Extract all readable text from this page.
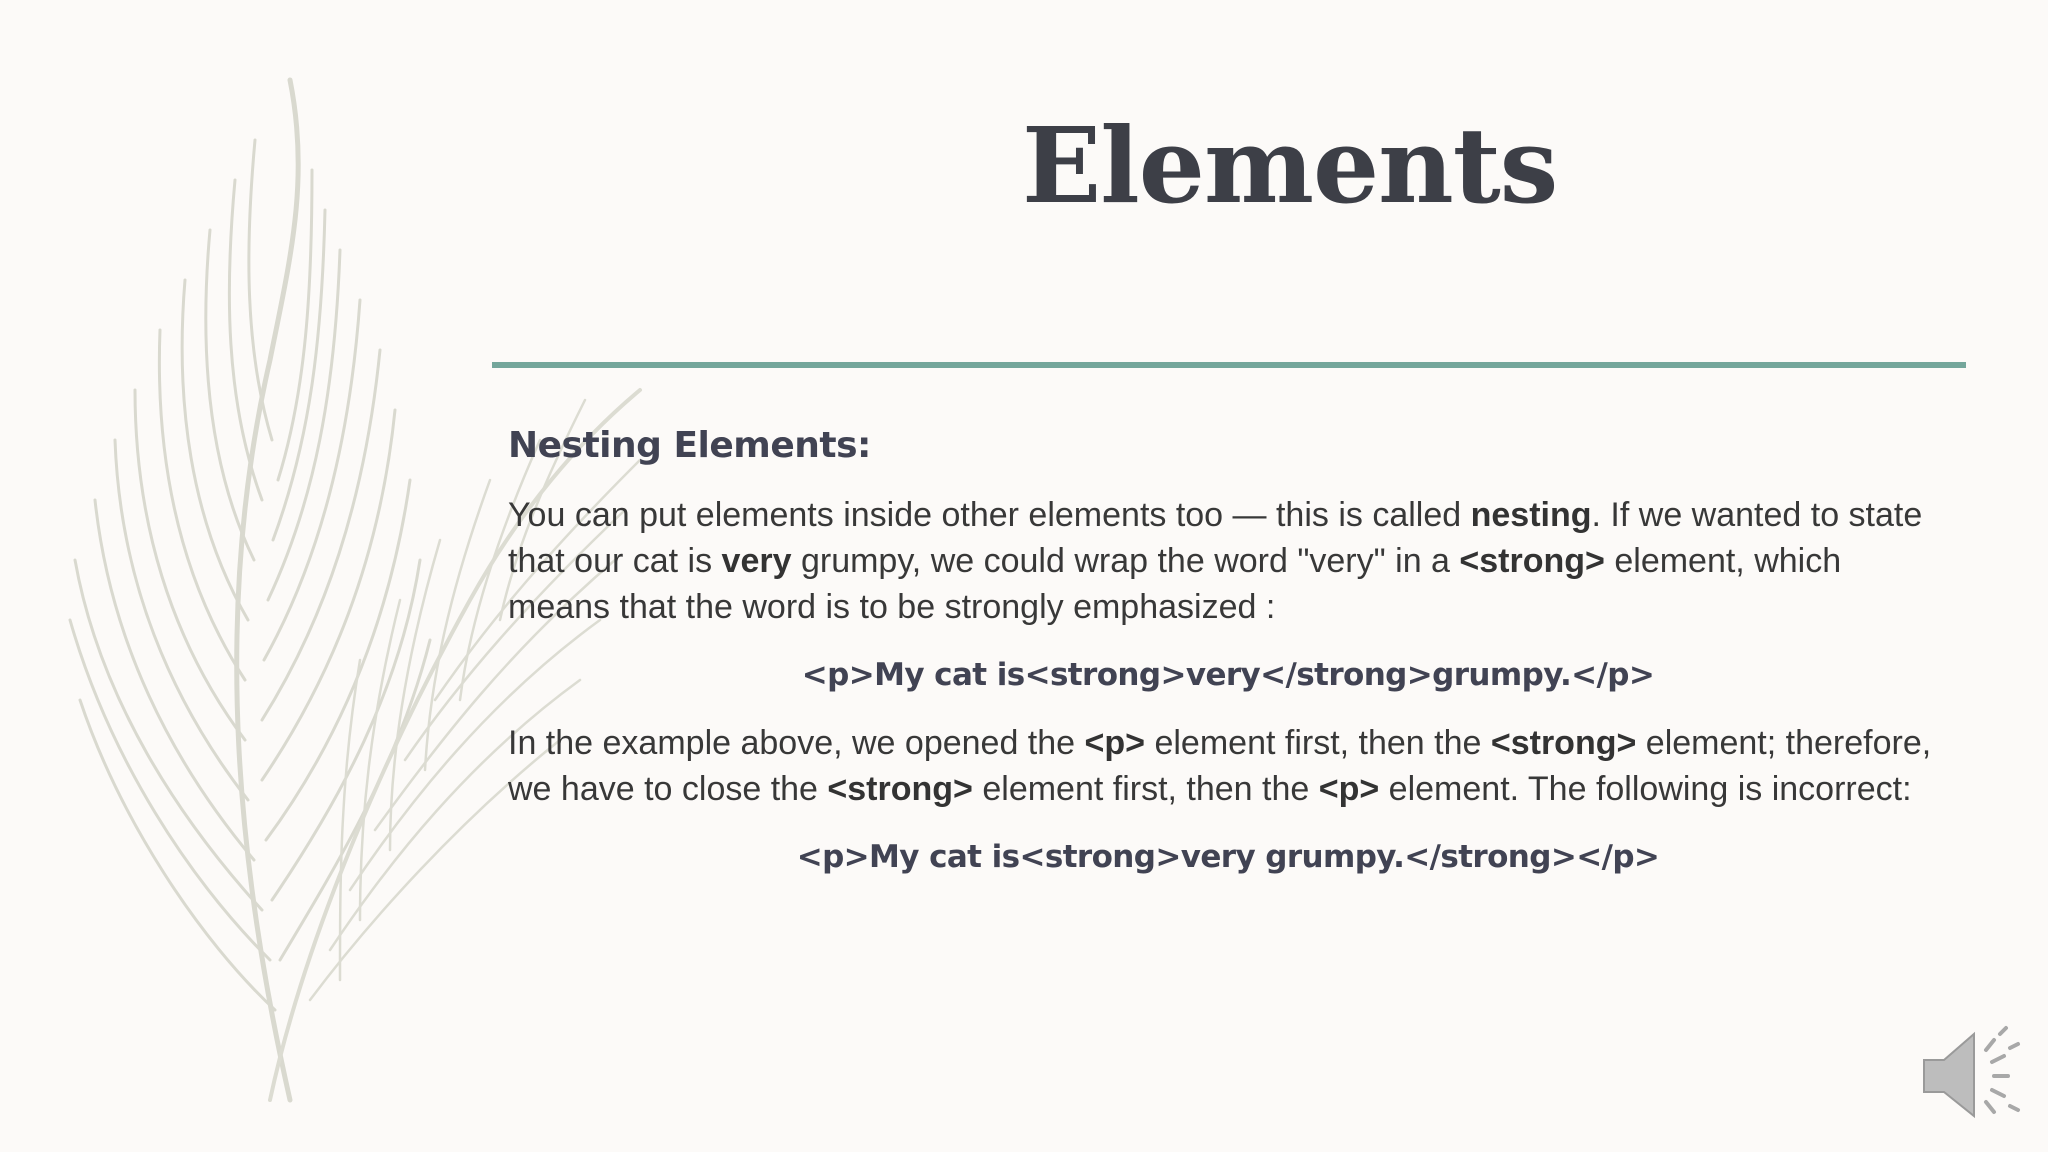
Elements
Nesting Elements:

You can put elements inside other elements too — this is called nesting. If we wanted to state that our cat is very grumpy, we could wrap the word "very" in a <strong> element, which means that the word is to be strongly emphasized :

<p>My cat is<strong>very</strong>grumpy.</p>

In the example above, we opened the <p> element first, then the <strong> element; therefore, we have to close the <strong> element first, then the <p> element. The following is incorrect:

<p>My cat is<strong>very grumpy.</strong></p>
